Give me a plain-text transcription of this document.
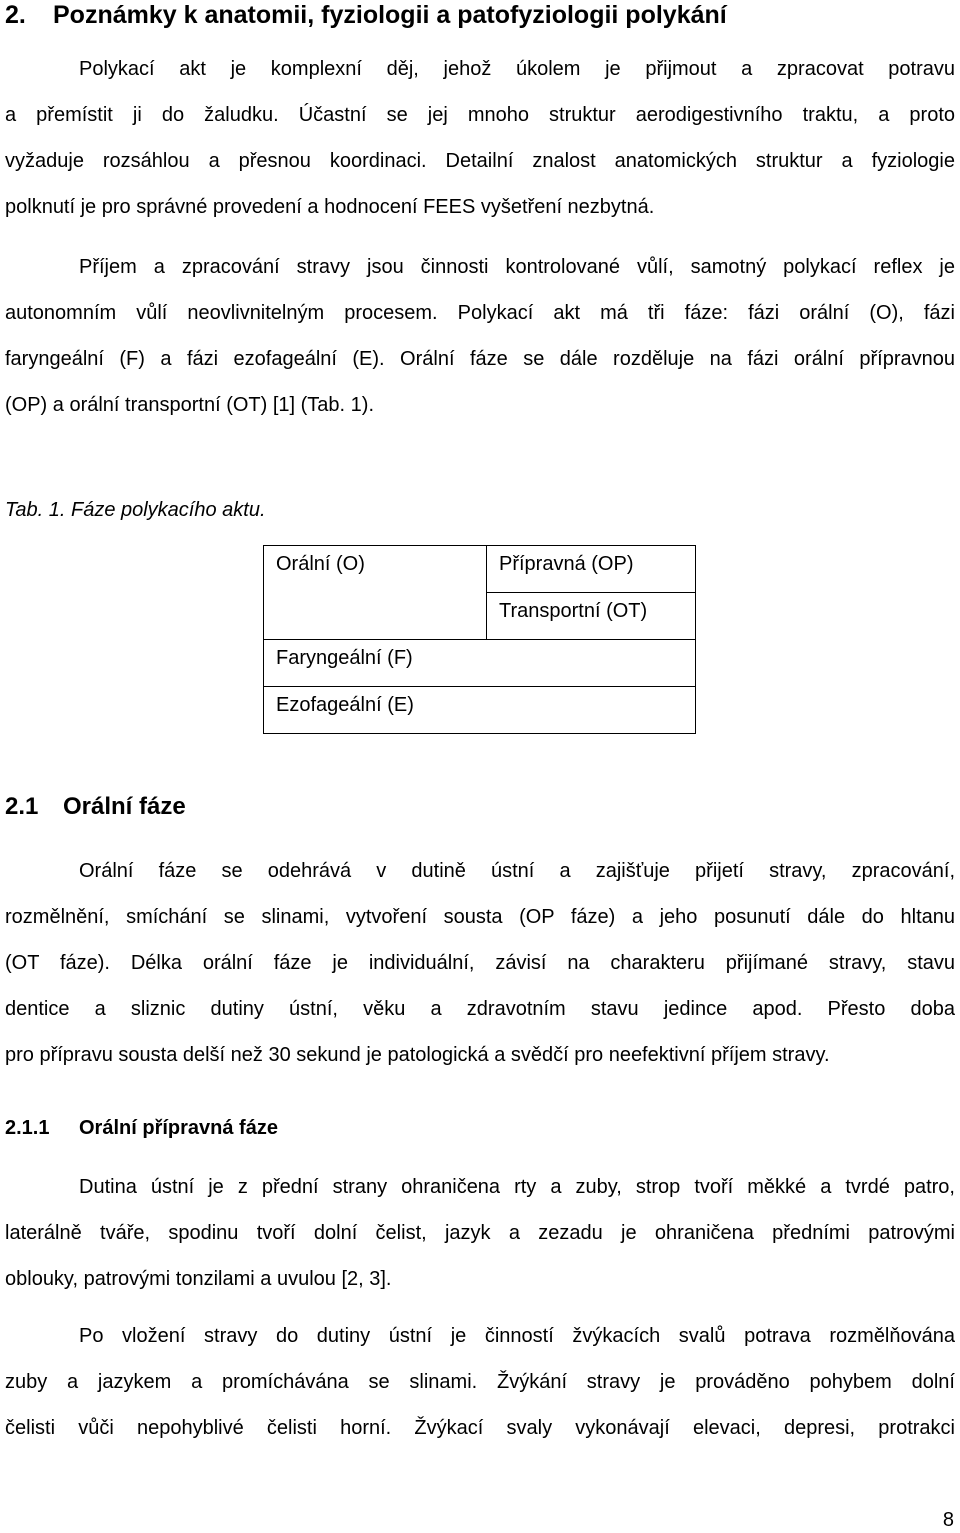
2. Poznámky k anatomii, fyziologii a patofyziologii polykání
Polykací akt je komplexní děj, jehož úkolem je přijmout a zpracovat potravu
a přemístit ji do žaludku. Účastní se jej mnoho struktur aerodigestivního traktu, a proto
vyžaduje rozsáhlou a přesnou koordinaci. Detailní znalost anatomických struktur a fyziologie
polknutí je pro správné provedení a hodnocení FEES vyšetření nezbytná.
Příjem a zpracování stravy jsou činnosti kontrolované vůlí, samotný polykací reflex je
autonomním vůlí neovlivnitelným procesem. Polykací akt má tři fáze: fázi orální (O), fázi
faryngeální (F) a fázi ezofageální (E). Orální fáze se dále rozděluje na fázi orální přípravnou
(OP) a orální transportní (OT) [1] (Tab. 1).
Tab. 1. Fáze polykacího aktu.
Orální (O)	Přípravná (OP)
	Transportní (OT)
Faryngeální (F)	
Ezofageální (E)	
2.1 Orální fáze
Orální fáze se odehrává v dutině ústní a zajišťuje přijetí stravy, zpracování,
rozmělnění, smíchání se slinami, vytvoření sousta (OP fáze) a jeho posunutí dále do hltanu
(OT fáze). Délka orální fáze je individuální, závisí na charakteru přijímané stravy, stavu
dentice a sliznic dutiny ústní, věku a zdravotním stavu jedince apod. Přesto doba
pro přípravu sousta delší než 30 sekund je patologická a svědčí pro neefektivní příjem stravy.
2.1.1 Orální přípravná fáze
Dutina ústní je z přední strany ohraničena rty a zuby, strop tvoří měkké a tvrdé patro,
laterálně tváře, spodinu tvoří dolní čelist, jazyk a zezadu je ohraničena předními patrovými
oblouky, patrovými tonzilami a uvulou [2, 3].
Po vložení stravy do dutiny ústní je činností žvýkacích svalů potrava rozmělňována
zuby a jazykem a promíchávána se slinami. Žvýkání stravy je prováděno pohybem dolní
čelisti vůči nepohyblivé čelisti horní. Žvýkací svaly vykonávají elevaci, depresi, protrakci
8
